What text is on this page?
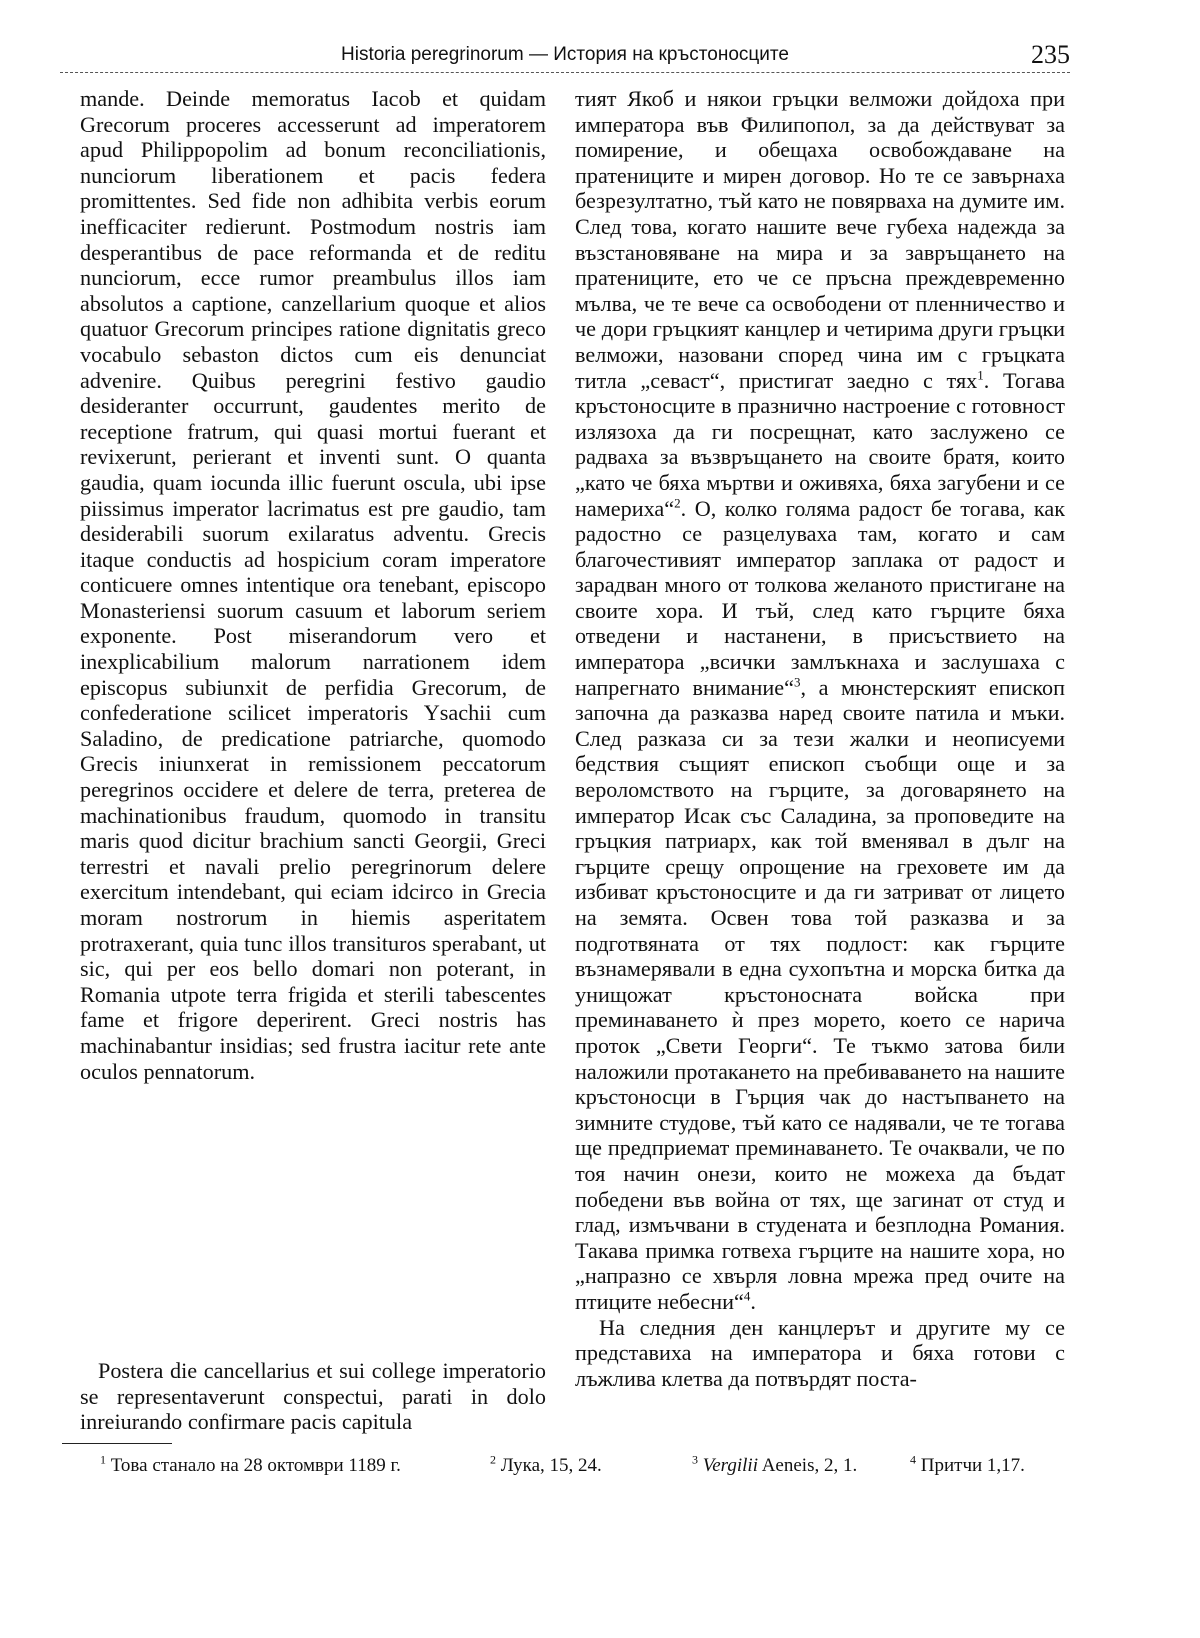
Historia peregrinorum — История на кръстоносците	235

mande. Deinde memoratus Iacob et quidam Grecorum proceres accesserunt ad imperatorem apud Philippopolim ad bonum reconciliationis, nunciorum liberationem et pacis federa promittentes. Sed fide non adhibita verbis eorum inefficaciter redierunt. Postmodum nostris iam desperantibus de pace reformanda et de reditu nunciorum, ecce rumor preambulus illos iam absolutos a captione, canzellarium quoque et alios quatuor Grecorum principes ratione dignitatis greco vocabulo sebaston dictos cum eis denunciat advenire. Quibus peregrini festivo gaudio desideranter occurrunt, gaudentes merito de receptione fratrum, qui quasi mortui fuerant et revixerunt, perierant et inventi sunt. O quanta gaudia, quam iocunda illic fuerunt oscula, ubi ipse piissimus imperator lacrimatus est pre gaudio, tam desiderabili suorum exilaratus adventu. Grecis itaque conductis ad hospicium coram imperatore conticuere omnes intentique ora tenebant, episcopo Monasteriensi suorum casuum et laborum seriem exponente. Post miserandorum vero et inexplicabilium malorum narrationem idem episcopus subiunxit de perfidia Grecorum, de confederatione scilicet imperatoris Ysachii cum Saladino, de predicatione patriarche, quomodo Grecis iniunxerat in remissionem peccatorum peregrinos occidere et delere de terra, preterea de machinationibus fraudum, quomodo in transitu maris quod dicitur brachium sancti Georgii, Greci terrestri et navali prelio peregrinorum delere exercitum intendebant, qui eciam idcirco in Grecia moram nostrorum in hiemis asperitatem protraxerant, quia tunc illos transituros sperabant, ut sic, qui per eos bello domari non poterant, in Romania utpote terra frigida et sterili tabescentes fame et frigore deperirent. Greci nostris has machinabantur insidias; sed frustra iacitur rete ante oculos pennatorum.

Postera die cancellarius et sui college imperatorio se representaverunt conspectui, parati in dolo inreiurando confirmare pacis capitula

тият Якоб и някои гръцки велможи дойдоха при императора във Филипопол, за да действуват за помирение, и обещаха освобождаване на пратениците и мирен договор. Но те се завърнаха безрезултатно, тъй като не повярваха на думите им. След това, когато нашите вече губеха надежда за възстановяване на мира и за завръщането на пратениците, ето че се пръсна преждевременно мълва, че те вече са освободени от пленничество и че дори гръцкият канцлер и четирима други гръцки велможи, назовани според чина им с гръцката титла „севаст“, пристигат заедно с тях$^1$. Тогава кръстоносците в празнично настроение с готовност излязоха да ги посрещнат, като заслужено се радваха за възвръщането на своите братя, които „като че бяха мъртви и оживяха, бяха загубени и се намериха“$^2$. О, колко голяма радост бе тогава, как радостно се разцелуваха там, когато и сам благочестивият император заплака от радост и зарадван много от толкова желаното пристигане на своите хора. И тъй, след като гърците бяха отведени и настанени, в присъствието на императора „всички замлъкнаха и заслушаха с напрегнато внимание“$^3$, а мюнстерският епископ започна да разказва наред своите патила и мъки. След разказа си за тези жалки и неописуеми бедствия същият епископ съобщи още и за вероломството на гърците, за договарянето на император Исак със Саладина, за проповедите на гръцкия патриарх, как той вменявал в дълг на гърците срещу опрощение на греховете им да избиват кръстоносците и да ги затриват от лицето на земята. Освен това той разказва и за подготвяната от тях подлост: как гърците възнамерявали в една сухопътна и морска битка да унищожат кръстоносната войска при преминаването ѝ през морето, което се нарича проток „Свети Георги“. Те тъкмо затова били наложили протакането на пребиваването на нашите кръстоносци в Гърция чак до настъпването на зимните студове, тъй като се надявали, че те тогава ще предприемат преминаването. Те очаквали, че по тоя начин онези, които не можеха да бъдат победени във война от тях, ще загинат от студ и глад, измъчвани в студената и безплодна Романия. Такава примка готвеха гърците на нашите хора, но „напразно се хвърля ловна мрежа пред очите на птиците небесни“$^4$.

На следния ден канцлерът и другите му се представиха на императора и бяха готови с лъжлива клетва да потвърдят поста-

$^1$ Това станало на 28 октомври 1189 г.	$^2$ Лука, 15, 24.	$^3$ Vergilii Aeneis, 2, 1.	$^4$ Притчи 1,17.
